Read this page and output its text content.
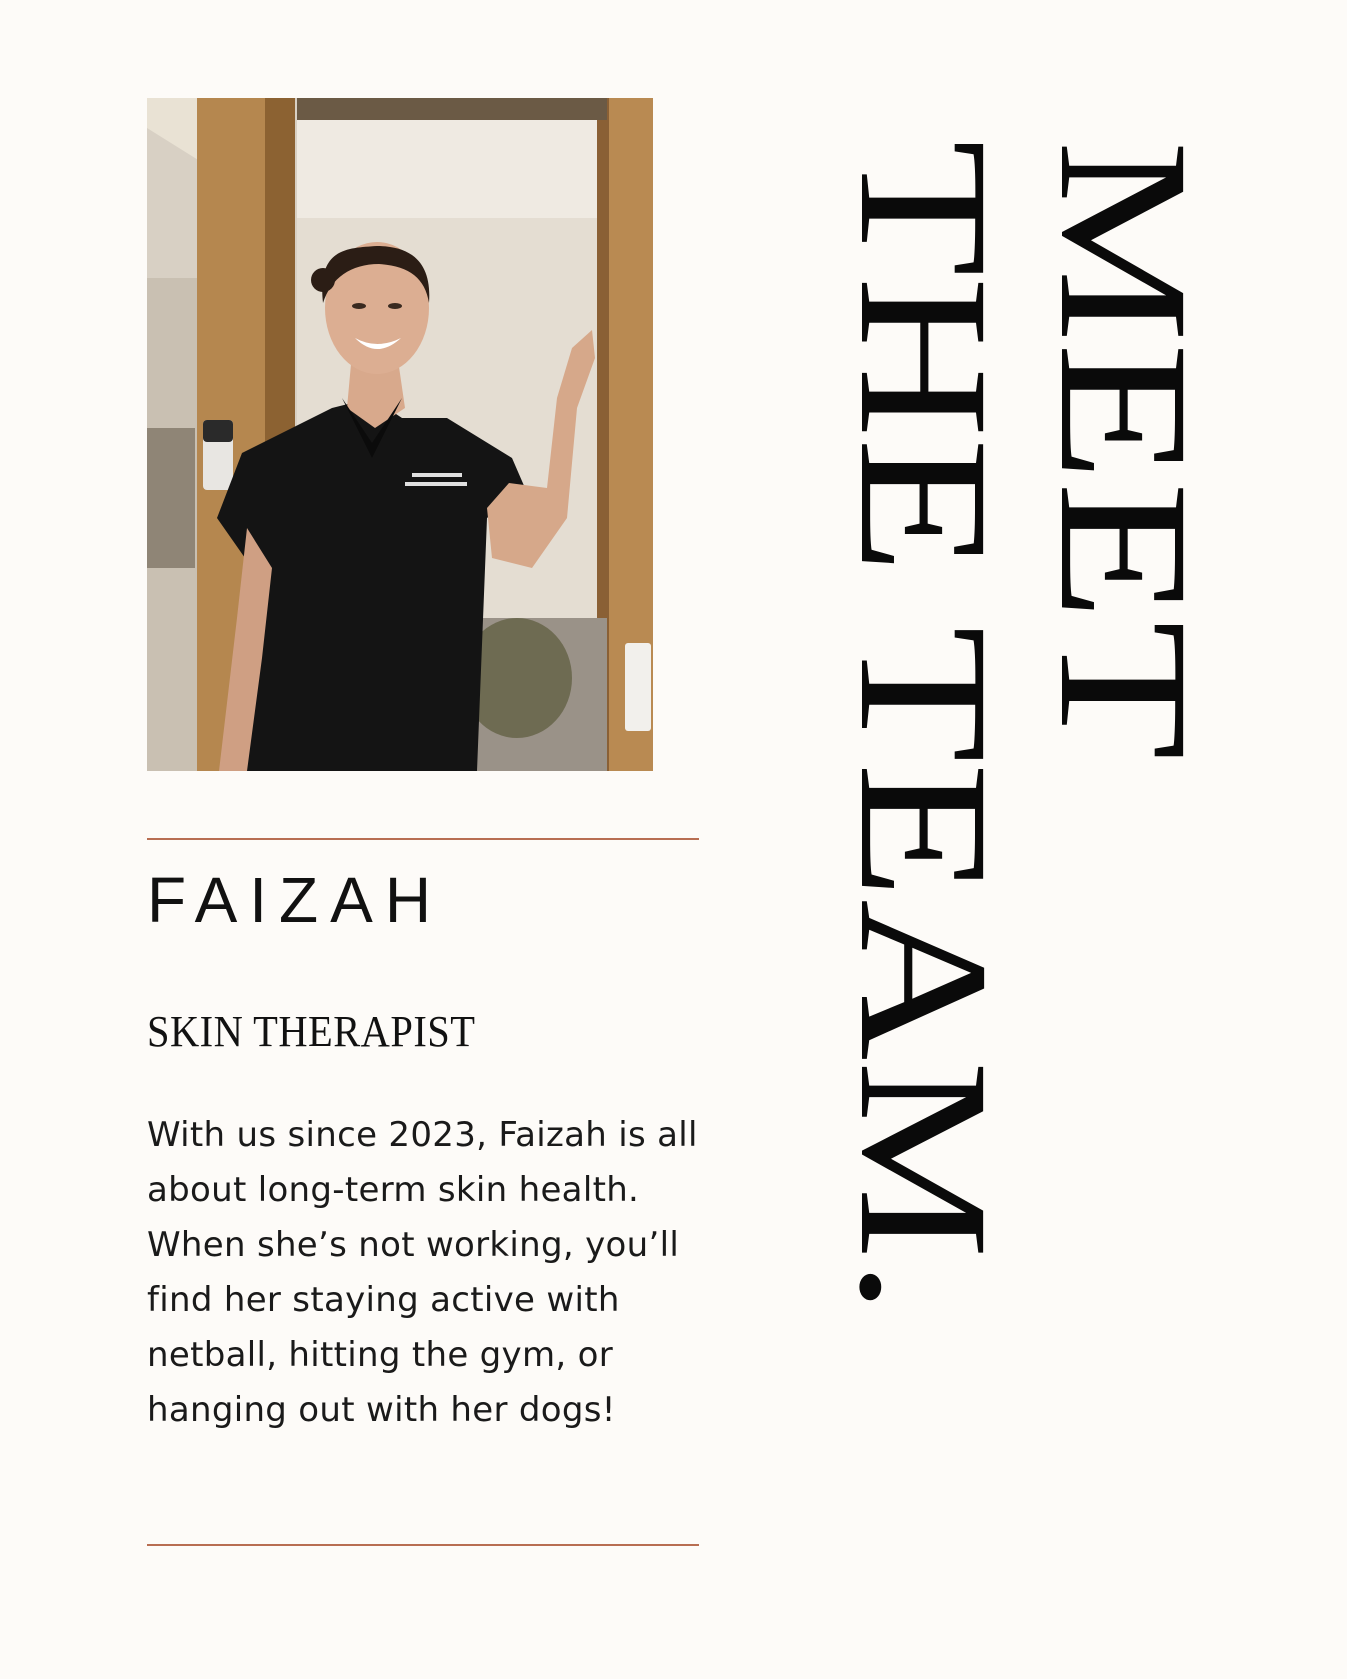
FAIZAH
SKIN THERAPIST
With us since 2023, Faizah is all about long-term skin health. When she’s not working, you’ll find her staying active with netball, hitting the gym, or hanging out with her dogs!
MEET
THE TEAM.
